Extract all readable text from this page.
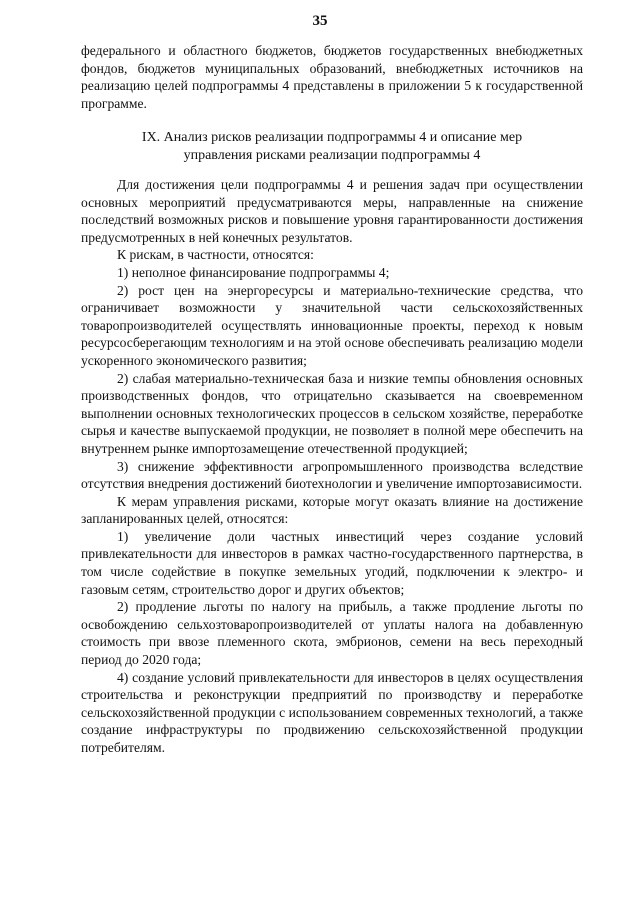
35

федерального и областного бюджетов, бюджетов государственных внебюджетных фондов, бюджетов муниципальных образований, внебюджетных источников на реализацию целей подпрограммы 4 представлены в приложении 5 к государственной программе.

IX. Анализ рисков реализации подпрограммы 4 и описание мер
управления рисками реализации подпрограммы 4

Для достижения цели подпрограммы 4 и решения задач при осуществлении основных мероприятий предусматриваются меры, направленные на снижение последствий возможных рисков и повышение уровня гарантированности достижения предусмотренных в ней конечных результатов.

К рискам, в частности, относятся:

1) неполное финансирование подпрограммы 4;

2) рост цен на энергоресурсы и материально-технические средства, что ограничивает возможности у значительной части сельскохозяйственных товаропроизводителей осуществлять инновационные проекты, переход к новым ресурсосберегающим технологиям и на этой основе обеспечивать реализацию модели ускоренного экономического развития;

2) слабая материально-техническая база и низкие темпы обновления основных производственных фондов, что отрицательно сказывается на своевременном выполнении основных технологических процессов в сельском хозяйстве, переработке сырья и качестве выпускаемой продукции, не позволяет в полной мере обеспечить на внутреннем рынке импортозамещение отечественной продукцией;

3) снижение эффективности агропромышленного производства вследствие отсутствия внедрения достижений биотехнологии и увеличение импортозависимости.

К мерам управления рисками, которые могут оказать влияние на достижение запланированных целей, относятся:

1) увеличение доли частных инвестиций через создание условий привлекательности для инвесторов в рамках частно-государственного партнерства, в том числе содействие в покупке земельных угодий, подключении к электро- и газовым сетям, строительство дорог и других объектов;

2) продление льготы по налогу на прибыль, а также продление льготы по освобождению сельхозтоваропроизводителей от уплаты налога на добавленную стоимость при ввозе племенного скота, эмбрионов, семени на весь переходный период до 2020 года;

4) создание условий привлекательности для инвесторов в целях осуществления строительства и реконструкции предприятий по производству и переработке сельскохозяйственной продукции с использованием современных технологий, а также создание инфраструктуры по продвижению сельскохозяйственной продукции потребителям.
